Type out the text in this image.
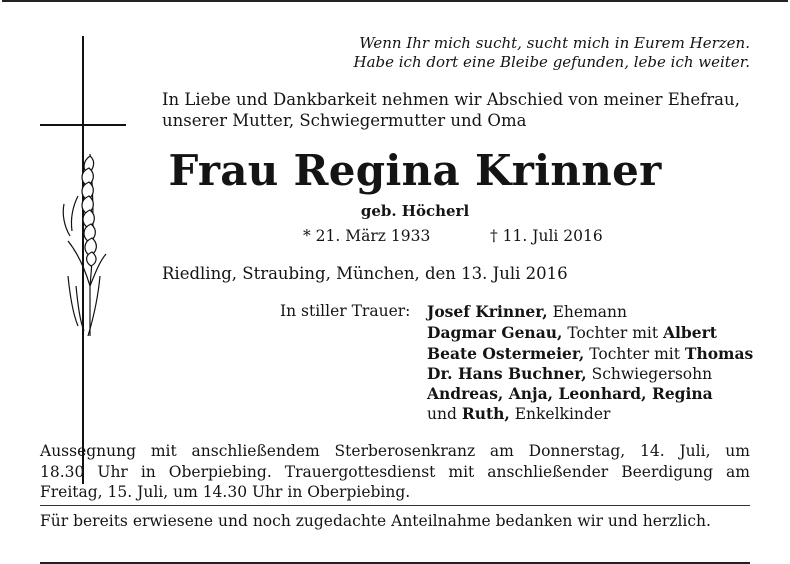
Wenn Ihr mich sucht, sucht mich in Eurem Herzen.
Habe ich dort eine Bleibe gefunden, lebe ich weiter.
In Liebe und Dankbarkeit nehmen wir Abschied von meiner Ehefrau,
unserer Mutter, Schwiegermutter und Oma
Frau Regina Krinner
geb. Höcherl
* 21. März 1933	† 11. Juli 2016
Riedling, Straubing, München, den 13. Juli 2016
In stiller Trauer: Josef Krinner, Ehemann
Dagmar Genau, Tochter mit Albert
Beate Ostermeier, Tochter mit Thomas
Dr. Hans Buchner, Schwiegersohn
Andreas, Anja, Leonhard, Regina
und Ruth, Enkelkinder
Aussegnung mit anschließendem Sterberosenkranz am Donnerstag, 14. Juli, um
18.30 Uhr in Oberpiebing. Trauergottesdienst mit anschließender Beerdigung am
Freitag, 15. Juli, um 14.30 Uhr in Oberpiebing.
Für bereits erwiesene und noch zugedachte Anteilnahme bedanken wir und herzlich.
